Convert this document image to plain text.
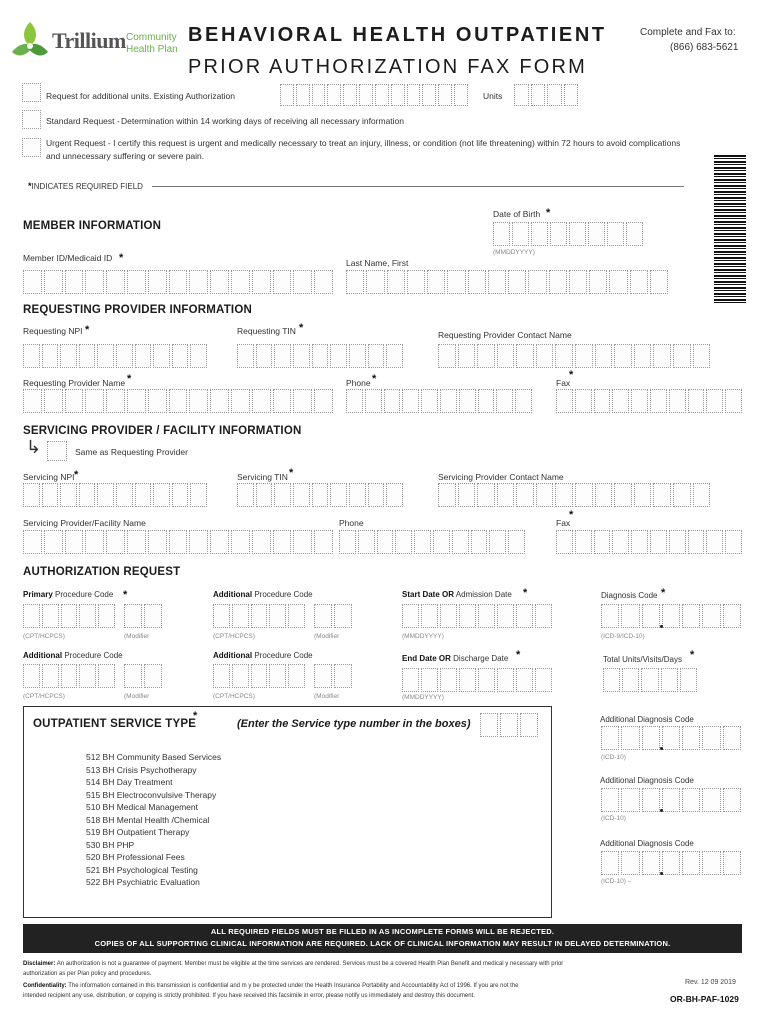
Trillium Community
Health Plan
BEHAVIORAL HEALTH OUTPATIENT
PRIOR AUTHORIZATION FAX FORM
Complete and Fax to:
(866) 683-5621
Request for additional units. Existing Authorization	Units
Standard Request - Determination within 14 working days of receiving all necessary information
Urgent Request - I certify this request is urgent and medically necessary to treat an injury, illness, or condition (not life threatening) within 72 hours to avoid complications
and unnecessary suffering or severe pain.
*INDICATES REQUIRED FIELD
MEMBER INFORMATION
Date of Birth *
(MMDDYYYY)
Member ID/Medicaid ID *	Last Name, First
REQUESTING PROVIDER INFORMATION
Requesting NPI *	Requesting TIN *
Requesting Provider Contact Name
Requesting Provider Name *	Phone *	Fax
*
SERVICING PROVIDER / FACILITY INFORMATION
↳	Same as Requesting Provider
Servicing NPI *	Servicing TIN *	Servicing Provider Contact Name
Servicing Provider/Facility Name	Phone	Fax
*
AUTHORIZATION REQUEST
Primary Procedure Code *	Additional Procedure Code	Start Date OR Admission Date *	Diagnosis Code *
(CPT/HCPCS)	(Modifier	(CPT/HCPCS)	(Modifier	(MMDDYYYY)	(ICD-9/ICD-10)
Additional Procedure Code	Additional Procedure Code	End Date OR Discharge Date *	Total Units/Visits/Days *
(CPT/HCPCS)	(Modifier	(CPT/HCPCS)	(Modifier	(MMDDYYYY)
OUTPATIENT SERVICE TYPE
*
(Enter the Service type number in the boxes)
512 BH Community Based Services
513 BH Crisis Psychotherapy
514 BH Day Treatment
515 BH Electroconvulsive Therapy
510 BH Medical Management
518 BH Mental Health /Chemical
519 BH Outpatient Therapy
530 BH PHP
520 BH Professional Fees
521 BH Psychological Testing
522 BH Psychiatric Evaluation
Additional Diagnosis Code
(ICD-10)
Additional Diagnosis Code
(ICD-10)
Additional Diagnosis Code
(ICD-10) –
ALL REQUIRED FIELDS MUST BE FILLED IN AS INCOMPLETE FORMS WILL BE REJECTED.
COPIES OF ALL SUPPORTING CLINICAL INFORMATION ARE REQUIRED. LACK OF CLINICAL INFORMATION MAY RESULT IN DELAYED DETERMINATION.
Disclaimer: An authorization is not a guarantee of payment. Member must be eligible at the time services are rendered. Services must be a covered Health Plan Benefit and medical y necessary with prior
authorization as per Plan policy and procedures.
Confidentiality: The information contained in this transmission is confidential and m y be protected under the Health Insurance Portability and Accountability Act of 1996. If you are not the
intended recipient any use, distribution, or copying is strictly prohibited. If you have received this facsimile in error, please notify us immediately and destroy this document.
Rev. 12 09 2019
OR-BH-PAF-1029
